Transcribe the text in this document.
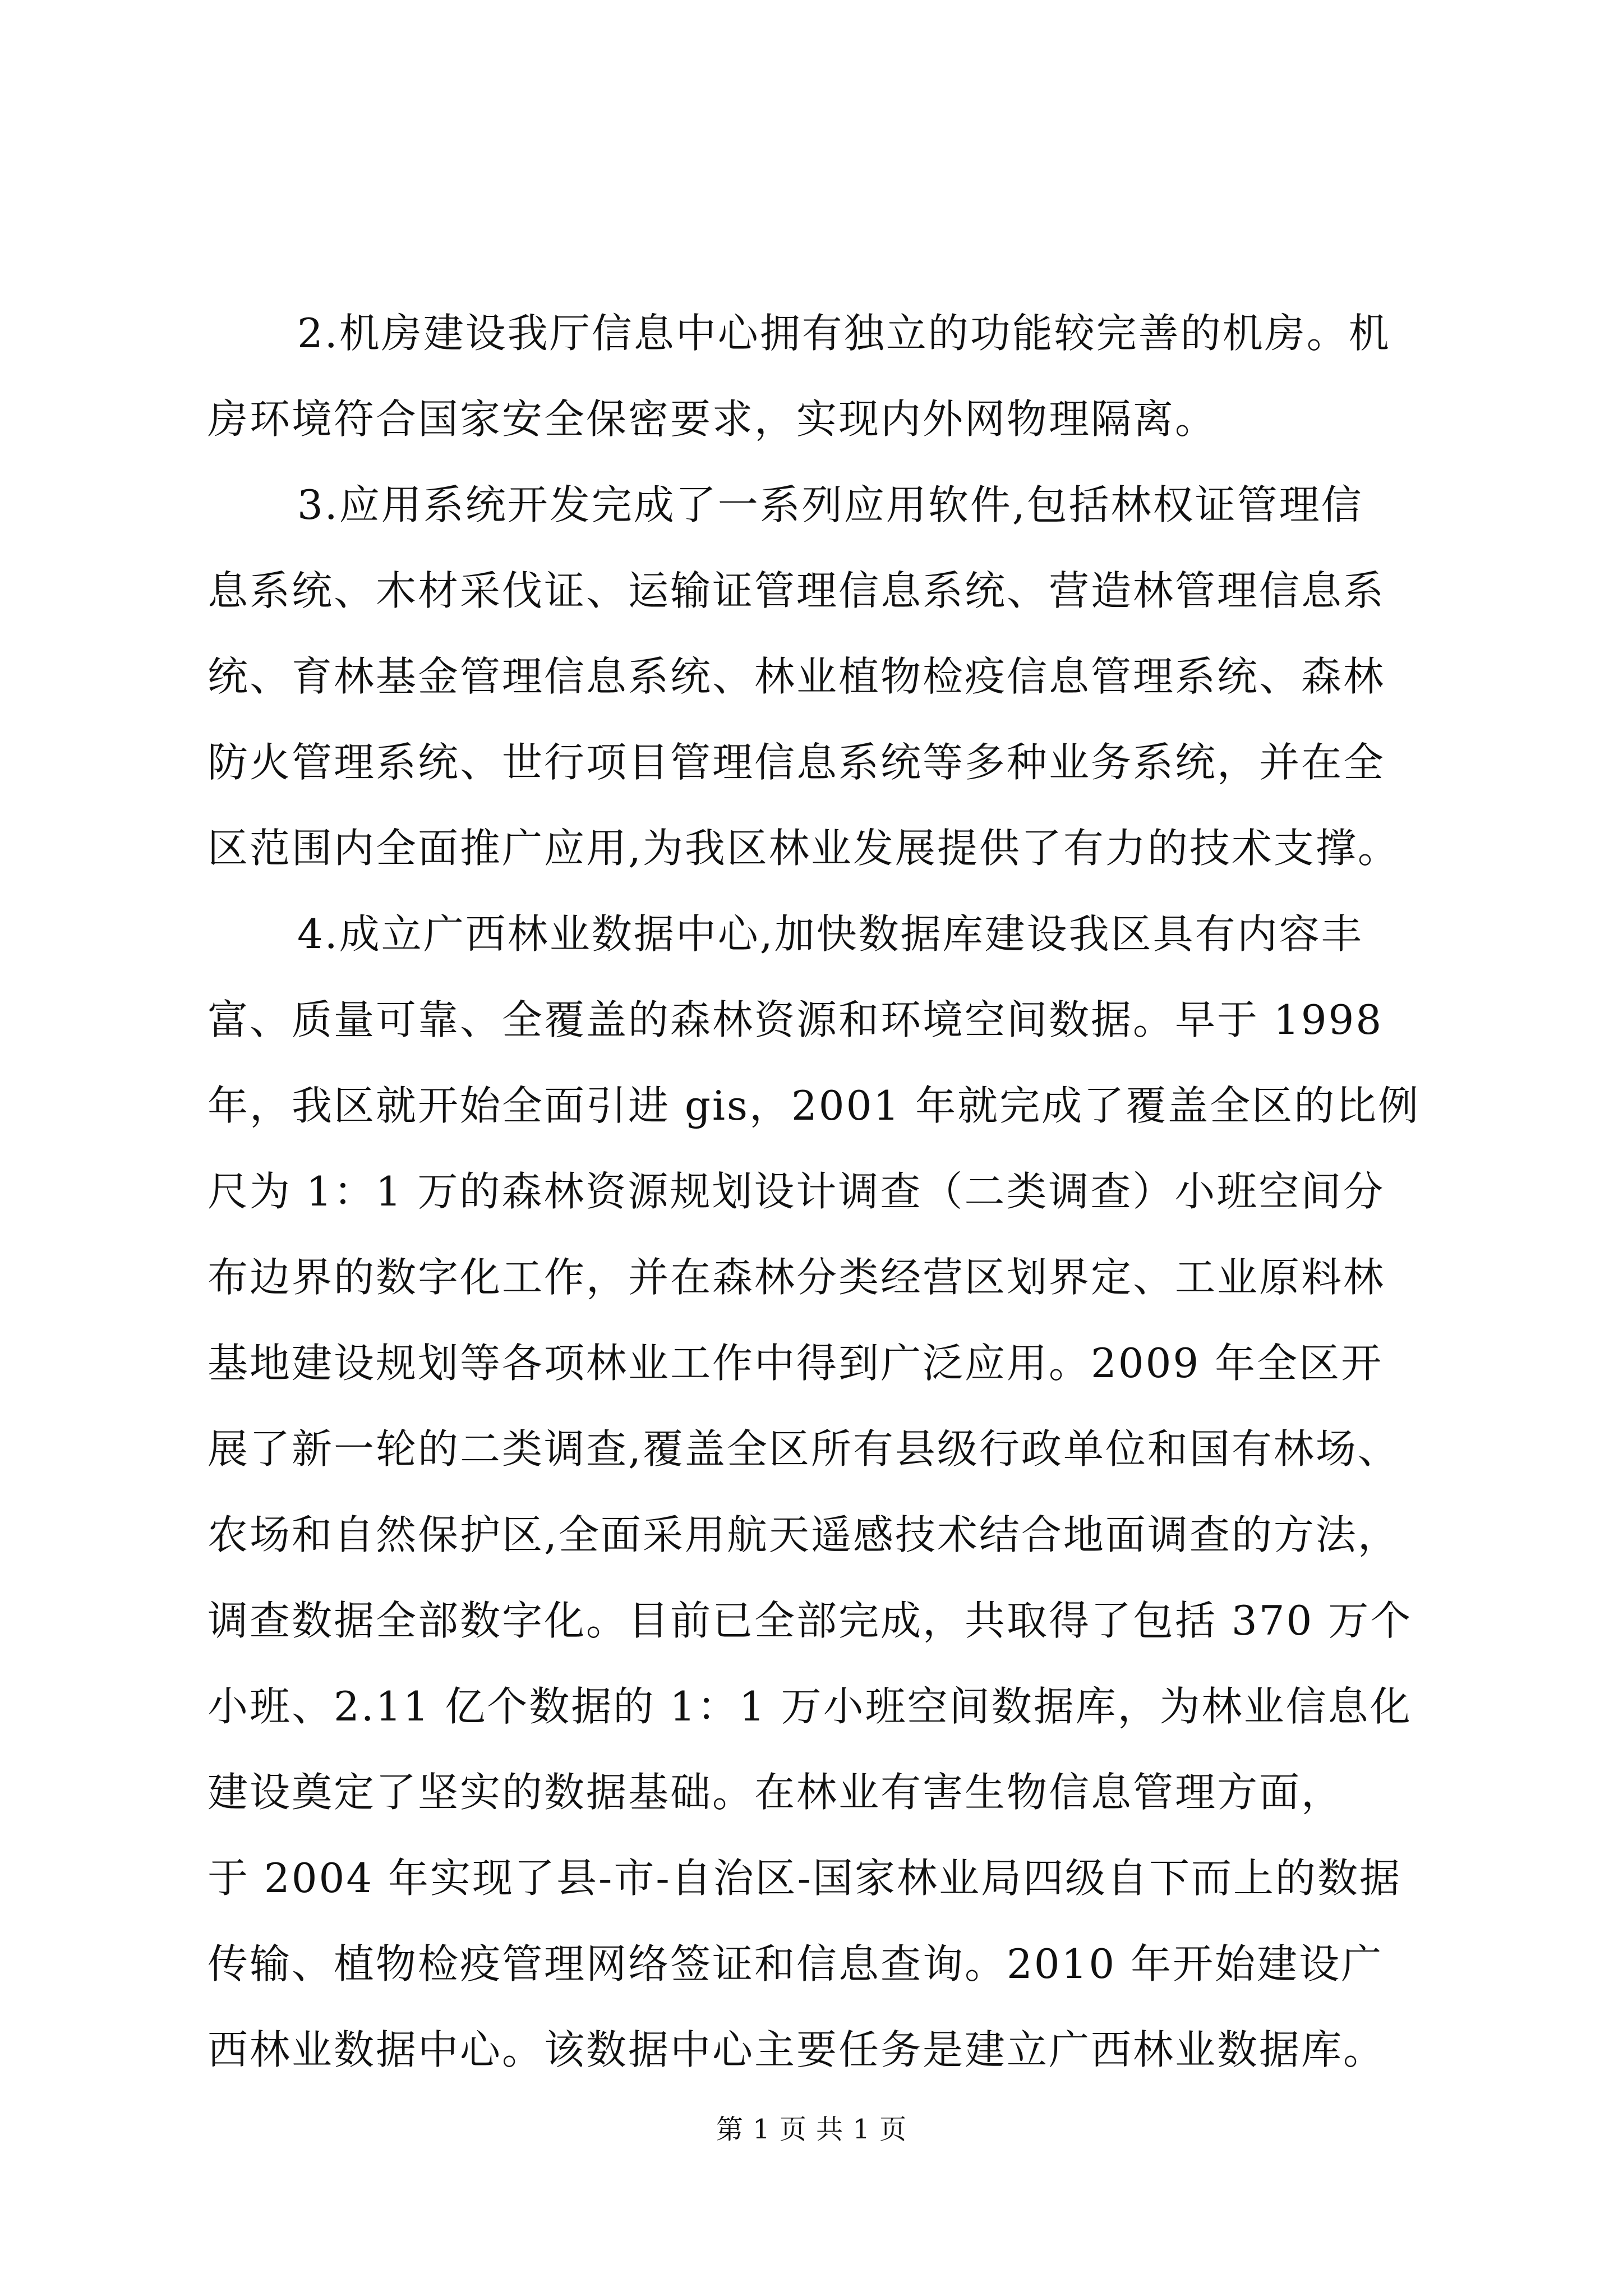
2.机房建设我厅信息中心拥有独立的功能较完善的机房。机
房环境符合国家安全保密要求，实现内外网物理隔离。
3.应用系统开发完成了一系列应用软件,包括林权证管理信
息系统、木材采伐证、运输证管理信息系统、营造林管理信息系
统、育林基金管理信息系统、林业植物检疫信息管理系统、森林
防火管理系统、世行项目管理信息系统等多种业务系统，并在全
区范围内全面推广应用,为我区林业发展提供了有力的技术支撑。
4.成立广西林业数据中心,加快数据库建设我区具有内容丰
富、质量可靠、全覆盖的森林资源和环境空间数据。早于 1998
年，我区就开始全面引进 gis，2001 年就完成了覆盖全区的比例
尺为 1：1 万的森林资源规划设计调查（二类调查）小班空间分
布边界的数字化工作，并在森林分类经营区划界定、工业原料林
基地建设规划等各项林业工作中得到广泛应用。2009 年全区开
展了新一轮的二类调查,覆盖全区所有县级行政单位和国有林场、
农场和自然保护区,全面采用航天遥感技术结合地面调查的方法，
调查数据全部数字化。目前已全部完成，共取得了包括 370 万个
小班、2.11 亿个数据的 1：1 万小班空间数据库，为林业信息化
建设奠定了坚实的数据基础。在林业有害生物信息管理方面，
于 2004 年实现了县-市-自治区-国家林业局四级自下而上的数据
传输、植物检疫管理网络签证和信息查询。2010 年开始建设广
西林业数据中心。该数据中心主要任务是建立广西林业数据库。
第 1 页 共 1 页
